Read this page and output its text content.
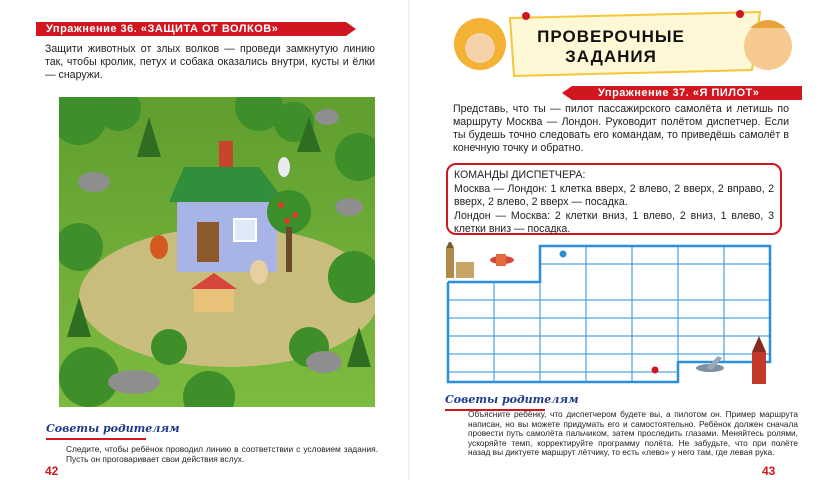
Упражнение 36. «ЗАЩИТА ОТ ВОЛКОВ»

Защити животных от злых волков — проведи замкнутую линию так, чтобы кролик, петух и собака оказались внутри, кусты и ёлки — снаружи.

Советы родителям

Следите, чтобы ребёнок проводил линию в соответствии с условием задания. Пусть он проговаривает свои действия вслух.

42
ПРОВЕРОЧНЫЕ ЗАДАНИЯ
Упражнение 37. «Я ПИЛОТ»

Представь, что ты — пилот пассажирского самолёта и летишь по маршруту Москва — Лондон. Руководит полётом диспетчер. Если ты будешь точно следовать его командам, то приведёшь самолёт в конечную точку и обратно.

КОМАНДЫ ДИСПЕТЧЕРА:

Москва — Лондон: 1 клетка вверх, 2 влево, 2 вверх, 2 вправо, 2 вверх, 2 влево, 2 вверх — посадка.

Лондон — Москва: 2 клетки вниз, 1 влево, 2 вниз, 1 влево, 3 клетки вниз — посадка.

Советы родителям

Объясните ребёнку, что диспетчером будете вы, а пилотом он. Пример маршрута написан, но вы можете придумать его и самостоятельно. Ребёнок должен сначала провести путь самолёта пальчиком, затем проследить глазами. Меняйтесь ролями, ускоряйте темп, корректируйте программу полёта. Не забудьте, что при полёте назад вы диктуете маршрут лётчику, то есть «лево» у него там, где левая рука.

43
